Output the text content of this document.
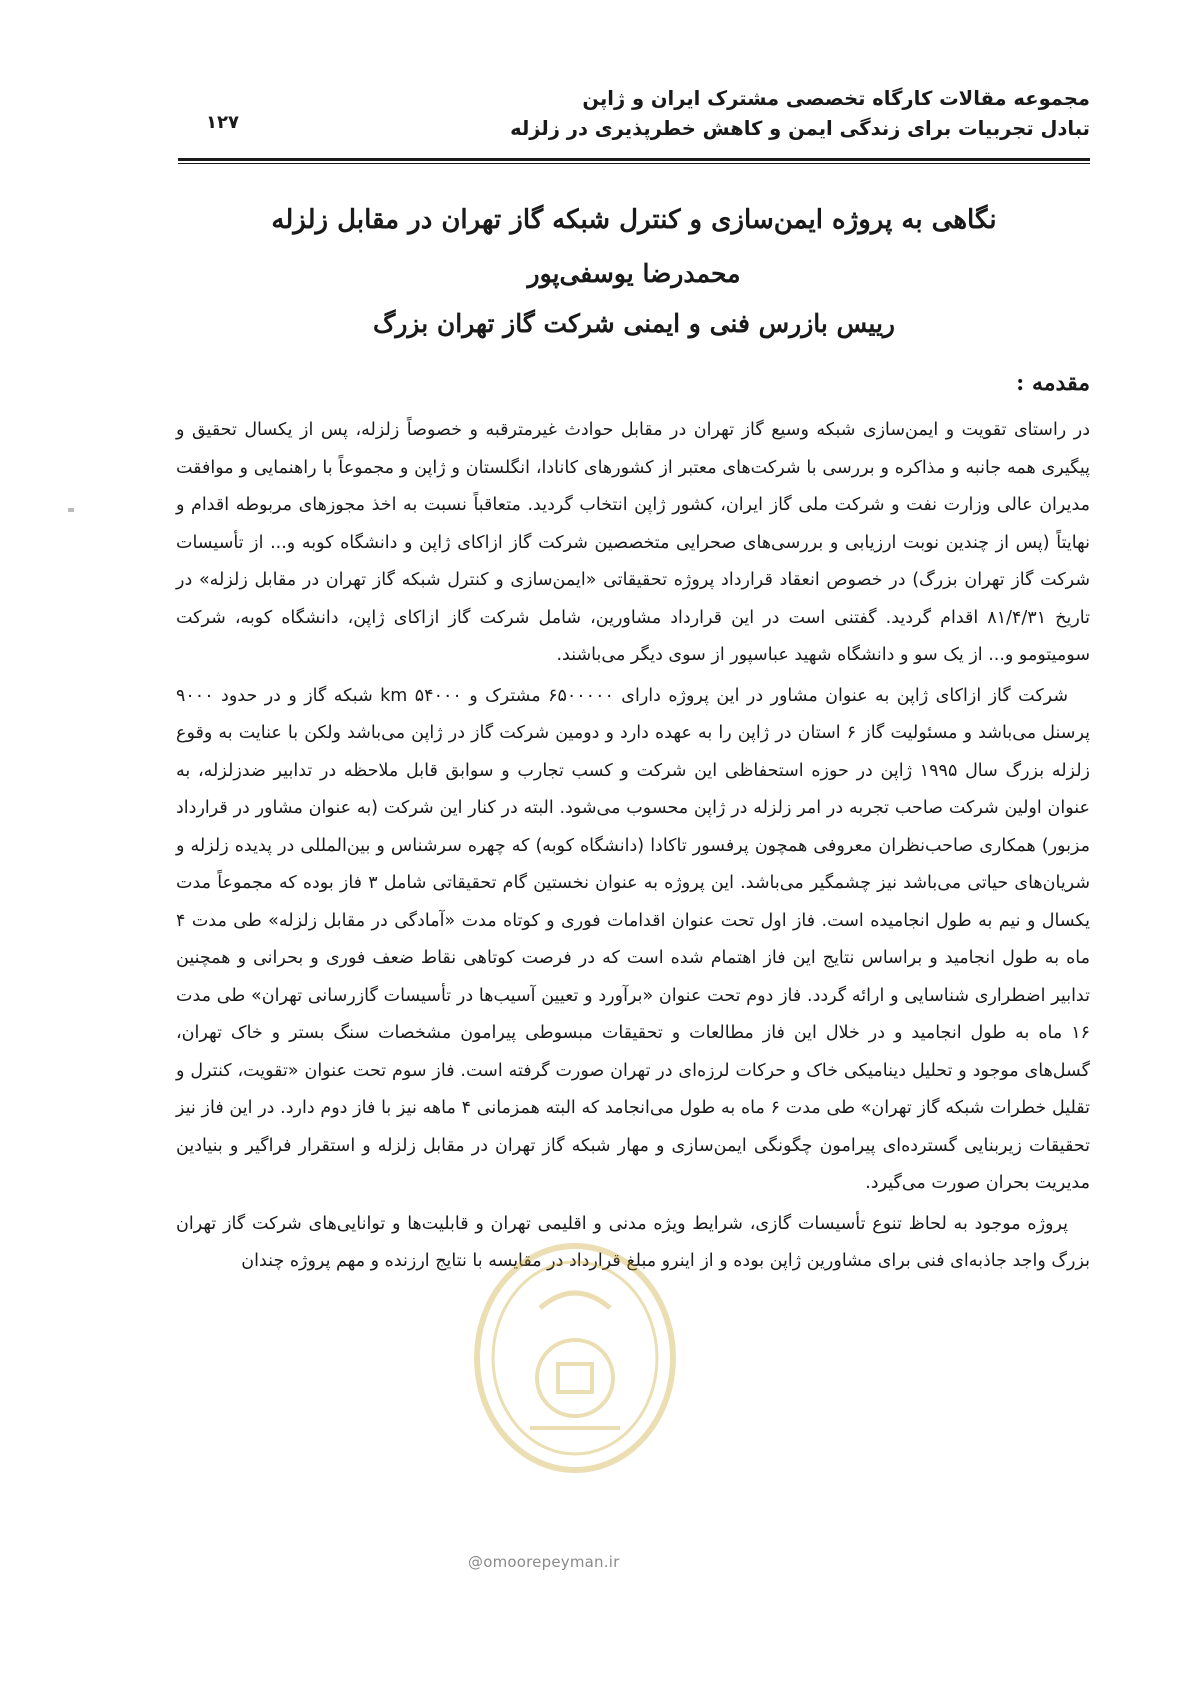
مجموعه مقالات کارگاه تخصصی مشترک ایران و ژاپن
تبادل تجربیات برای زندگی ایمن و کاهش خطرپذیری در زلزله
۱۲۷
نگاهی به پروژه ایمن‌سازی و کنترل شبکه گاز تهران در مقابل زلزله
محمدرضا یوسفی‌پور
رییس بازرس فنی و ایمنی شرکت گاز تهران بزرگ
مقدمه :

در راستای تقویت و ایمن‌سازی شبکه وسیع گاز تهران در مقابل حوادث غیرمترقبه و خصوصاً زلزله، پس از یکسال تحقیق و پیگیری همه جانبه و مذاکره و بررسی با شرکت‌های معتبر از کشورهای کانادا، انگلستان و ژاپن و مجموعاً با راهنمایی و موافقت مدیران عالی وزارت نفت و شرکت ملی گاز ایران، کشور ژاپن انتخاب گردید. متعاقباً نسبت به اخذ مجوزهای مربوطه اقدام و نهایتاً (پس از چندین نوبت ارزیابی و بررسی‌های صحرایی متخصصین شرکت گاز ازاکای ژاپن و دانشگاه کوبه و... از تأسیسات شرکت گاز تهران بزرگ) در خصوص انعقاد قرارداد پروژه تحقیقاتی «ایمن‌سازی و کنترل شبکه گاز تهران در مقابل زلزله» در تاریخ ۸۱/۴/۳۱ اقدام گردید. گفتنی است در این قرارداد مشاورین، شامل شرکت گاز ازاکای ژاپن، دانشگاه کوبه، شرکت سومیتومو و... از یک سو و دانشگاه شهید عباسپور از سوی دیگر می‌باشند.

شرکت گاز ازاکای ژاپن به عنوان مشاور در این پروژه دارای ۶۵۰۰۰۰۰ مشترک و km ۵۴۰۰۰ شبکه گاز و در حدود ۹۰۰۰ پرسنل می‌باشد و مسئولیت گاز ۶ استان در ژاپن را به عهده دارد و دومین شرکت گاز در ژاپن می‌باشد ولکن با عنایت به وقوع زلزله بزرگ سال ۱۹۹۵ ژاپن در حوزه استحفاظی این شرکت و کسب تجارب و سوابق قابل ملاحظه در تدابیر ضدزلزله، به عنوان اولین شرکت صاحب تجربه در امر زلزله در ژاپن محسوب می‌شود. البته در کنار این شرکت (به عنوان مشاور در قرارداد مزبور) همکاری صاحب‌نظران معروفی همچون پرفسور تاکادا (دانشگاه کوبه) که چهره سرشناس و بین‌المللی در پدیده زلزله و شریان‌های حیاتی می‌باشد نیز چشمگیر می‌باشد. این پروژه به عنوان نخستین گام تحقیقاتی شامل ۳ فاز بوده که مجموعاً مدت یکسال و نیم به طول انجامیده است. فاز اول تحت عنوان اقدامات فوری و کوتاه مدت «آمادگی در مقابل زلزله» طی مدت ۴ ماه به طول انجامید و براساس نتایج این فاز اهتمام شده است که در فرصت کوتاهی نقاط ضعف فوری و بحرانی و همچنین تدابیر اضطراری شناسایی و ارائه گردد. فاز دوم تحت عنوان «برآورد و تعیین آسیب‌ها در تأسیسات گازرسانی تهران» طی مدت ۱۶ ماه به طول انجامید و در خلال این فاز مطالعات و تحقیقات مبسوطی پیرامون مشخصات سنگ بستر و خاک تهران، گسل‌های موجود و تحلیل دینامیکی خاک و حرکات لرزه‌ای در تهران صورت گرفته است. فاز سوم تحت عنوان «تقویت، کنترل و تقلیل خطرات شبکه گاز تهران» طی مدت ۶ ماه به طول می‌انجامد که البته همزمانی ۴ ماهه نیز با فاز دوم دارد. در این فاز نیز تحقیقات زیربنایی گسترده‌ای پیرامون چگونگی ایمن‌سازی و مهار شبکه گاز تهران در مقابل زلزله و استقرار فراگیر و بنیادین مدیریت بحران صورت می‌گیرد.

پروژه موجود به لحاظ تنوع تأسیسات گازی، شرایط ویژه مدنی و اقلیمی تهران و قابلیت‌ها و توانایی‌های شرکت گاز تهران بزرگ واجد جاذبه‌ای فنی برای مشاورین ژاپن بوده و از اینرو مبلغ قرارداد در مقایسه با نتایج ارزنده و مهم پروژه چندان

@omoorepeyman.ir
